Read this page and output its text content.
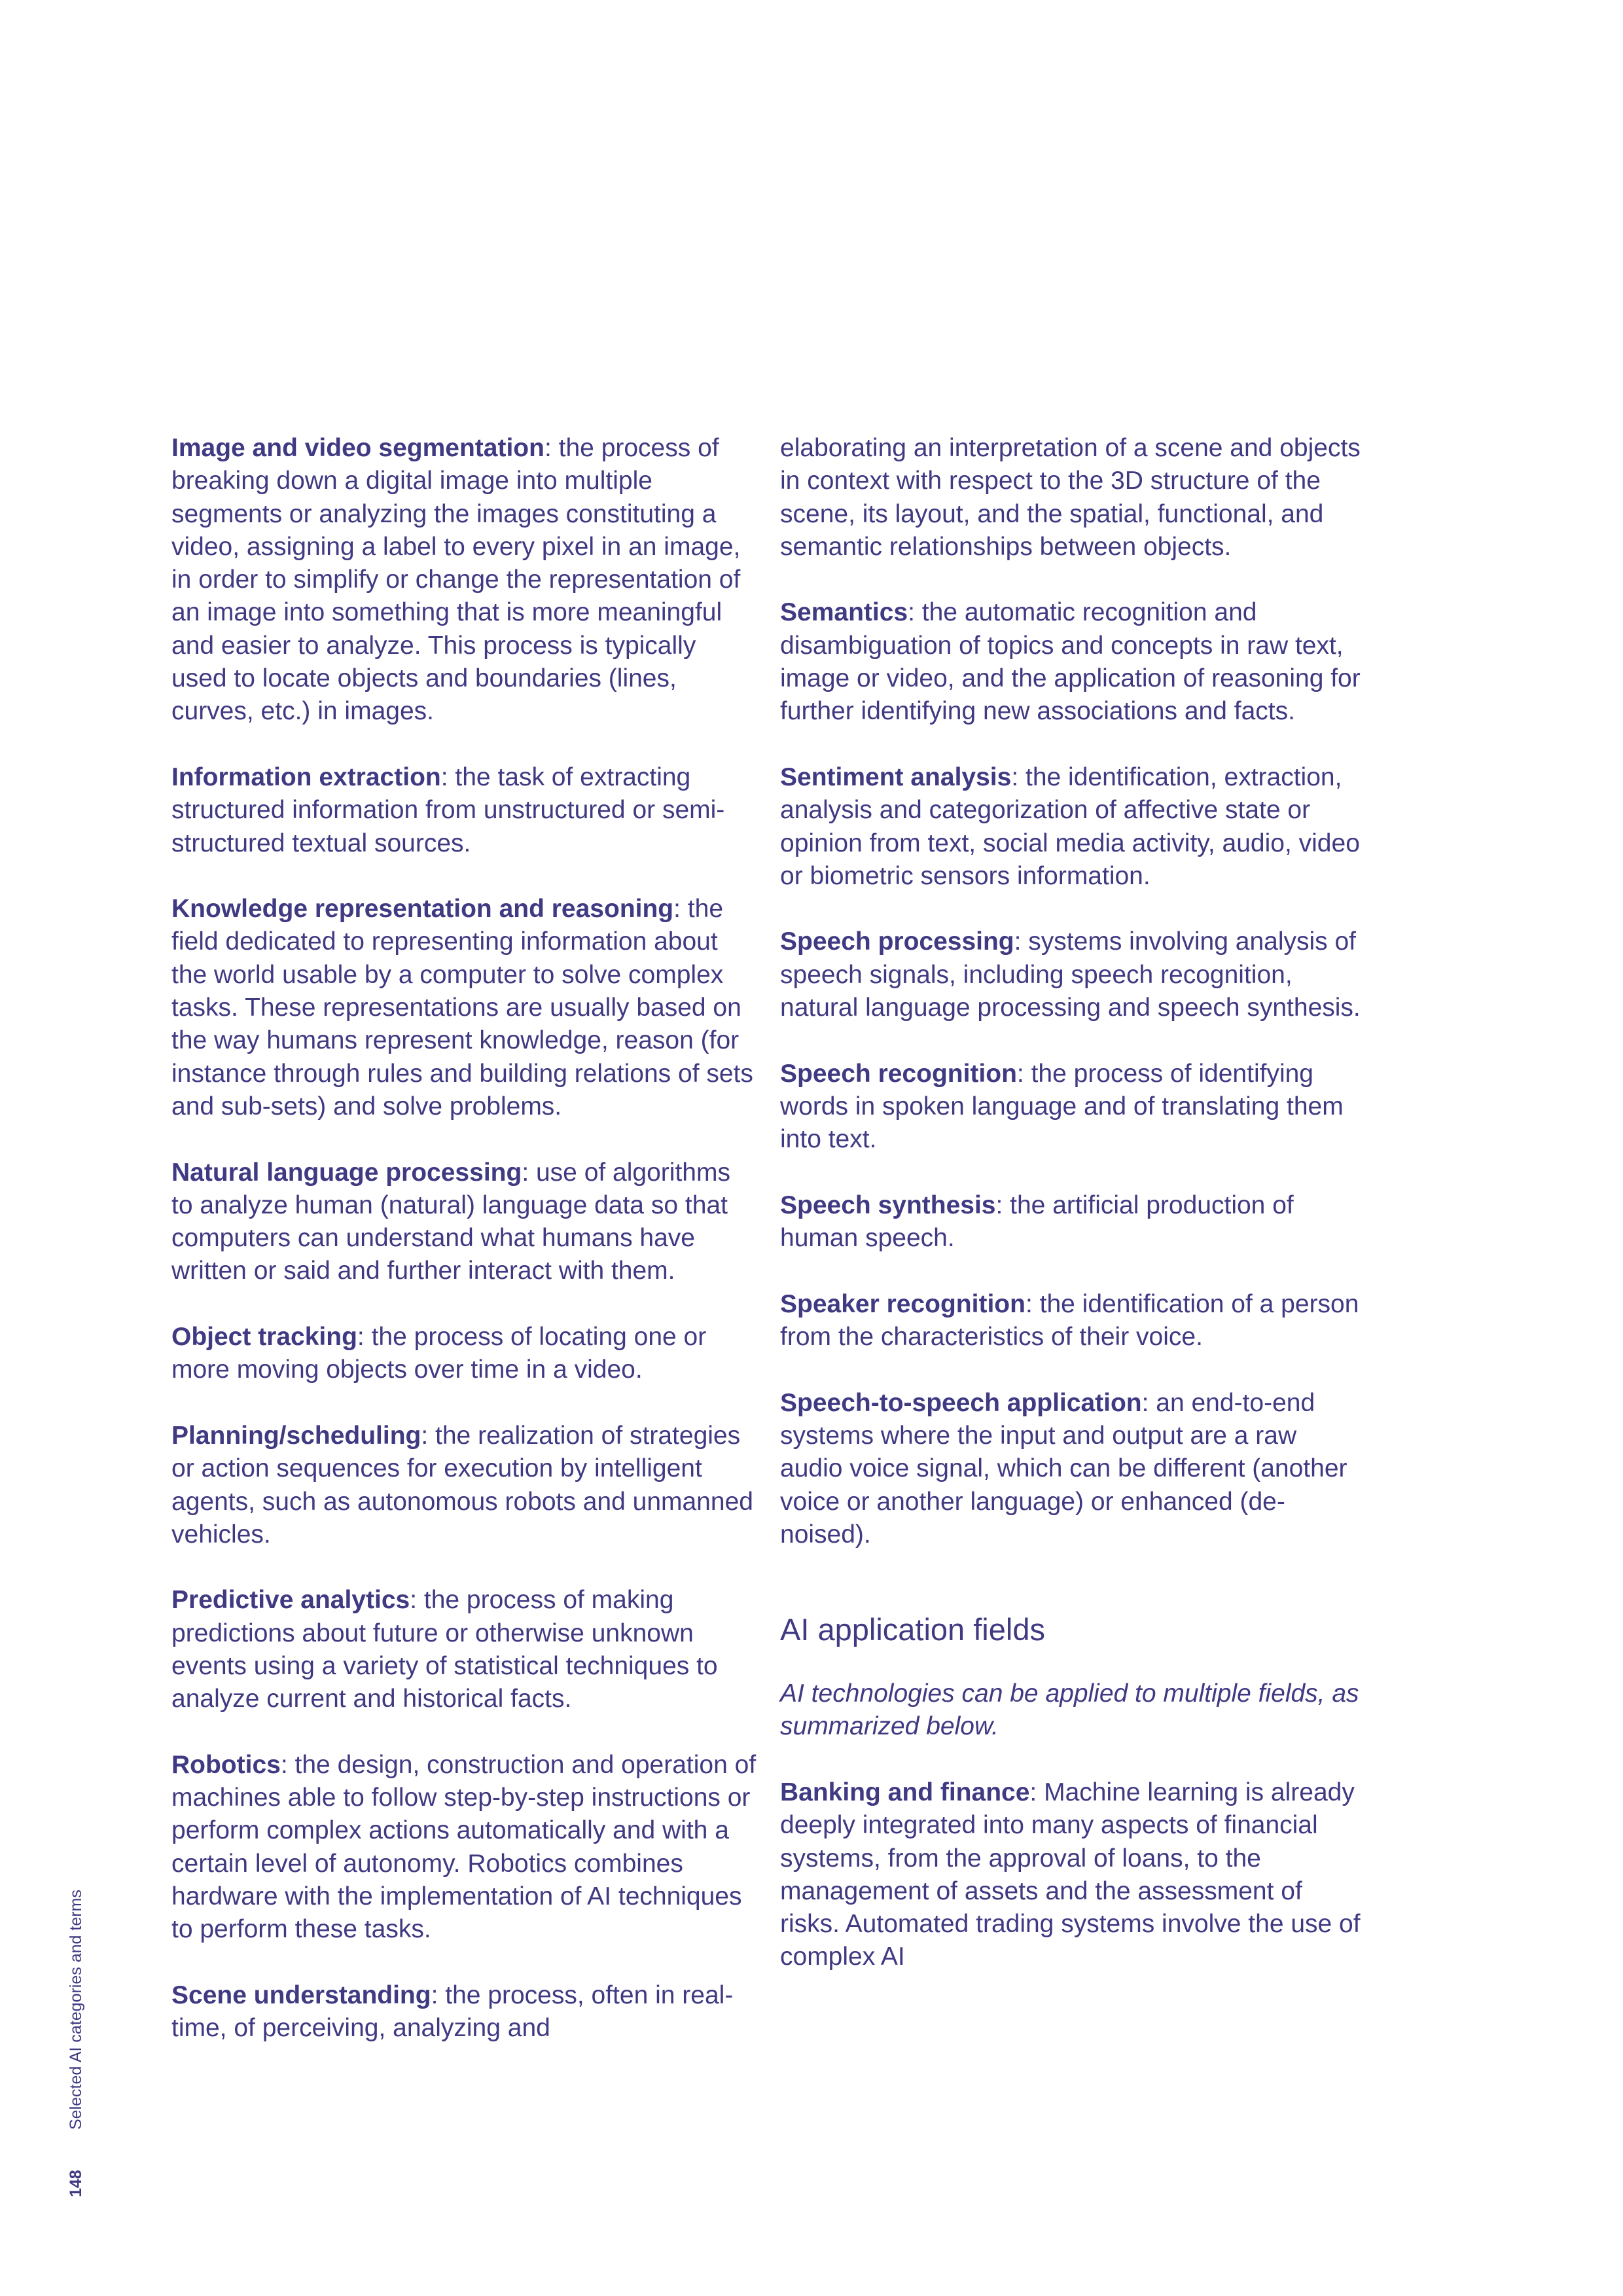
Image and video segmentation: the process of breaking down a digital image into multiple segments or analyzing the images constituting a video, assigning a label to every pixel in an image, in order to simplify or change the representation of an image into something that is more meaningful and easier to analyze. This process is typically used to locate objects and boundaries (lines, curves, etc.) in images.

Information extraction: the task of extracting structured information from unstructured or semi-structured textual sources.

Knowledge representation and reasoning: the field dedicated to representing information about the world usable by a computer to solve complex tasks. These representations are usually based on the way humans represent knowledge, reason (for instance through rules and building relations of sets and sub-sets) and solve problems.

Natural language processing: use of algorithms to analyze human (natural) language data so that computers can understand what humans have written or said and further interact with them.

Object tracking: the process of locating one or more moving objects over time in a video.

Planning/scheduling: the realization of strategies or action sequences for execution by intelligent agents, such as autonomous robots and unmanned vehicles.

Predictive analytics: the process of making predictions about future or otherwise unknown events using a variety of statistical techniques to analyze current and historical facts.

Robotics: the design, construction and operation of machines able to follow step-by-step instructions or perform complex actions automatically and with a certain level of autonomy. Robotics combines hardware with the implementation of AI techniques to perform these tasks.

Scene understanding: the process, often in real-time, of perceiving, analyzing and

elaborating an interpretation of a scene and objects in context with respect to the 3D structure of the scene, its layout, and the spatial, functional, and semantic relationships between objects.

Semantics: the automatic recognition and disambiguation of topics and concepts in raw text, image or video, and the application of reasoning for further identifying new associations and facts.

Sentiment analysis: the identification, extraction, analysis and categorization of affective state or opinion from text, social media activity, audio, video or biometric sensors information.

Speech processing: systems involving analysis of speech signals, including speech recognition, natural language processing and speech synthesis.

Speech recognition: the process of identifying words in spoken language and of translating them into text.

Speech synthesis: the artificial production of human speech.

Speaker recognition: the identification of a person from the characteristics of their voice.

Speech-to-speech application: an end-to-end systems where the input and output are a raw audio voice signal, which can be different (another voice or another language) or enhanced (de-noised).

AI application fields

AI technologies can be applied to multiple fields, as summarized below.

Banking and finance: Machine learning is already deeply integrated into many aspects of financial systems, from the approval of loans, to the management of assets and the assessment of risks. Automated trading systems involve the use of complex AI

Selected AI categories and terms
148
